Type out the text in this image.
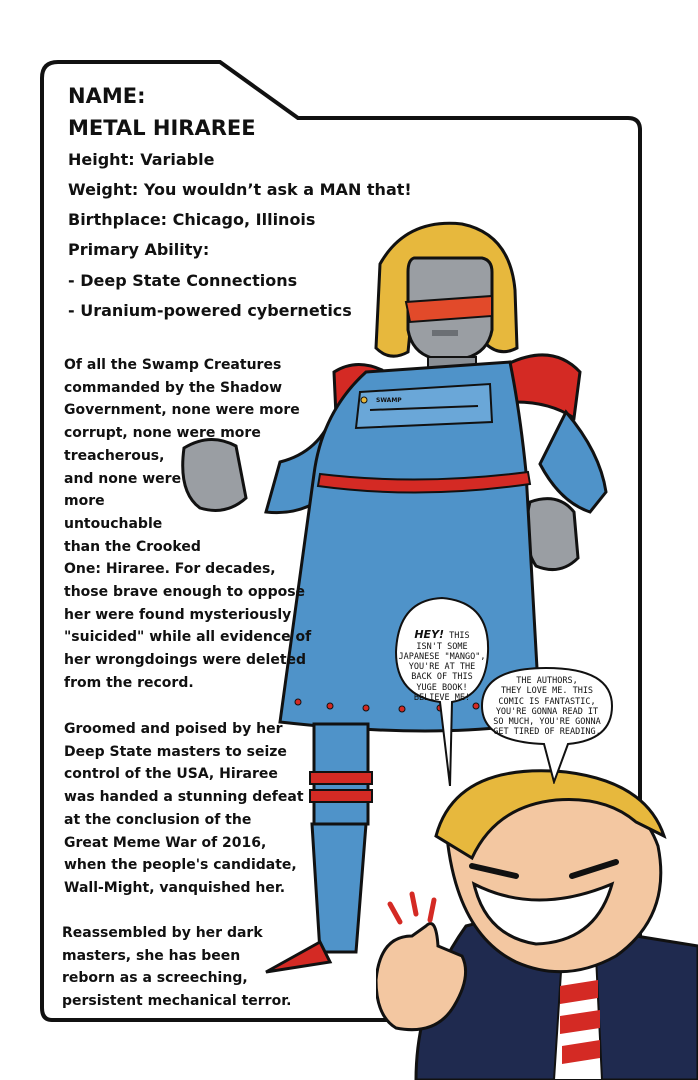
SWAMP

HEY! THIS
ISN'T SOME
JAPANESE "MANGO",
YOU'RE AT THE
BACK OF THIS
YUGE BOOK!
BELIEVE ME!

THE AUTHORS,
THEY LOVE ME. THIS
COMIC IS FANTASTIC,
YOU'RE GONNA READ IT
SO MUCH, YOU'RE GONNA
GET TIRED OF READING.
NAME:
METAL HIRAREE
Height: Variable
Weight: You wouldn’t ask a MAN that!
Birthplace: Chicago, Illinois
Primary Ability:
- Deep State Connections
- Uranium-powered cybernetics
Of all the Swamp Creatures
commanded by the Shadow
Government, none were more
corrupt, none were more
treacherous,
and none were
more
untouchable
than the Crooked
One: Hiraree. For decades,
those brave enough to oppose
her were found mysteriously
"suicided" while all evidence of
her wrongdoings were deleted
from the record.
Groomed and poised by her
Deep State masters to seize
control of the USA, Hiraree
was handed a stunning defeat
at the conclusion of the
Great Meme War of 2016,
when the people's candidate,
Wall-Might, vanquished her.
Reassembled by her dark
masters, she has been
reborn as a screeching,
persistent mechanical terror.
